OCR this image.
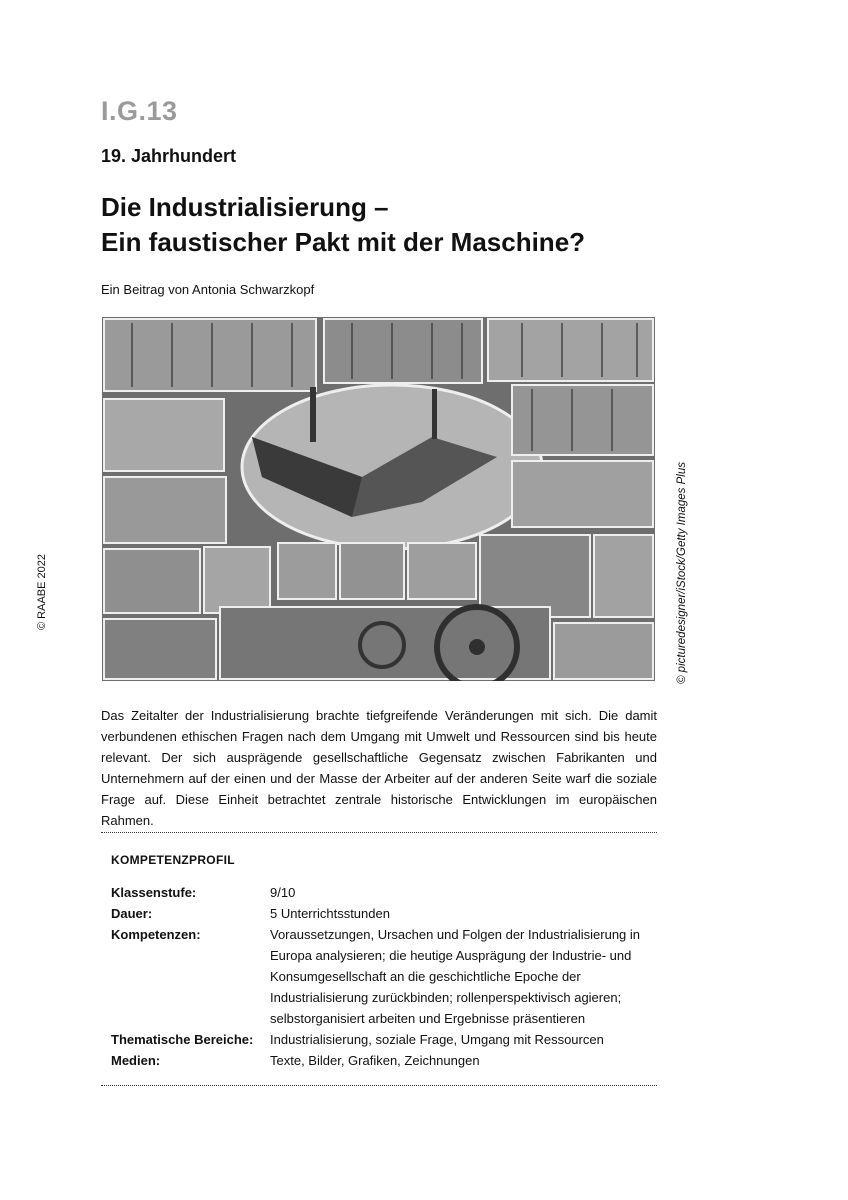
I.G.13
19. Jahrhundert
Die Industrialisierung –
Ein faustischer Pakt mit der Maschine?
Ein Beitrag von Antonia Schwarzkopf
© RAABE 2022	© picturedesigner/iStock/Getty Images Plus
Das Zeitalter der Industrialisierung brachte tiefgreifende Veränderungen mit sich. Die damit verbundenen ethischen Fragen nach dem Umgang mit Umwelt und Ressourcen sind bis heute relevant. Der sich ausprägende gesellschaftliche Gegensatz zwischen Fabrikanten und Unternehmern auf der einen und der Masse der Arbeiter auf der anderen Seite warf die soziale Frage auf. Diese Einheit betrachtet zentrale historische Entwicklungen im europäischen Rahmen.
KOMPETENZPROFIL
Klassenstufe:	9/10
Dauer:	5 Unterrichtsstunden
Kompetenzen:	Voraussetzungen, Ursachen und Folgen der Industrialisierung in Europa analysieren; die heutige Ausprägung der Industrie- und Konsumgesellschaft an die geschichtliche Epoche der Industrialisierung zurückbinden; rollenperspektivisch agieren; selbstorganisiert arbeiten und Ergebnisse präsentieren
Thematische Bereiche:	Industrialisierung, soziale Frage, Umgang mit Ressourcen
Medien:	Texte, Bilder, Grafiken, Zeichnungen
